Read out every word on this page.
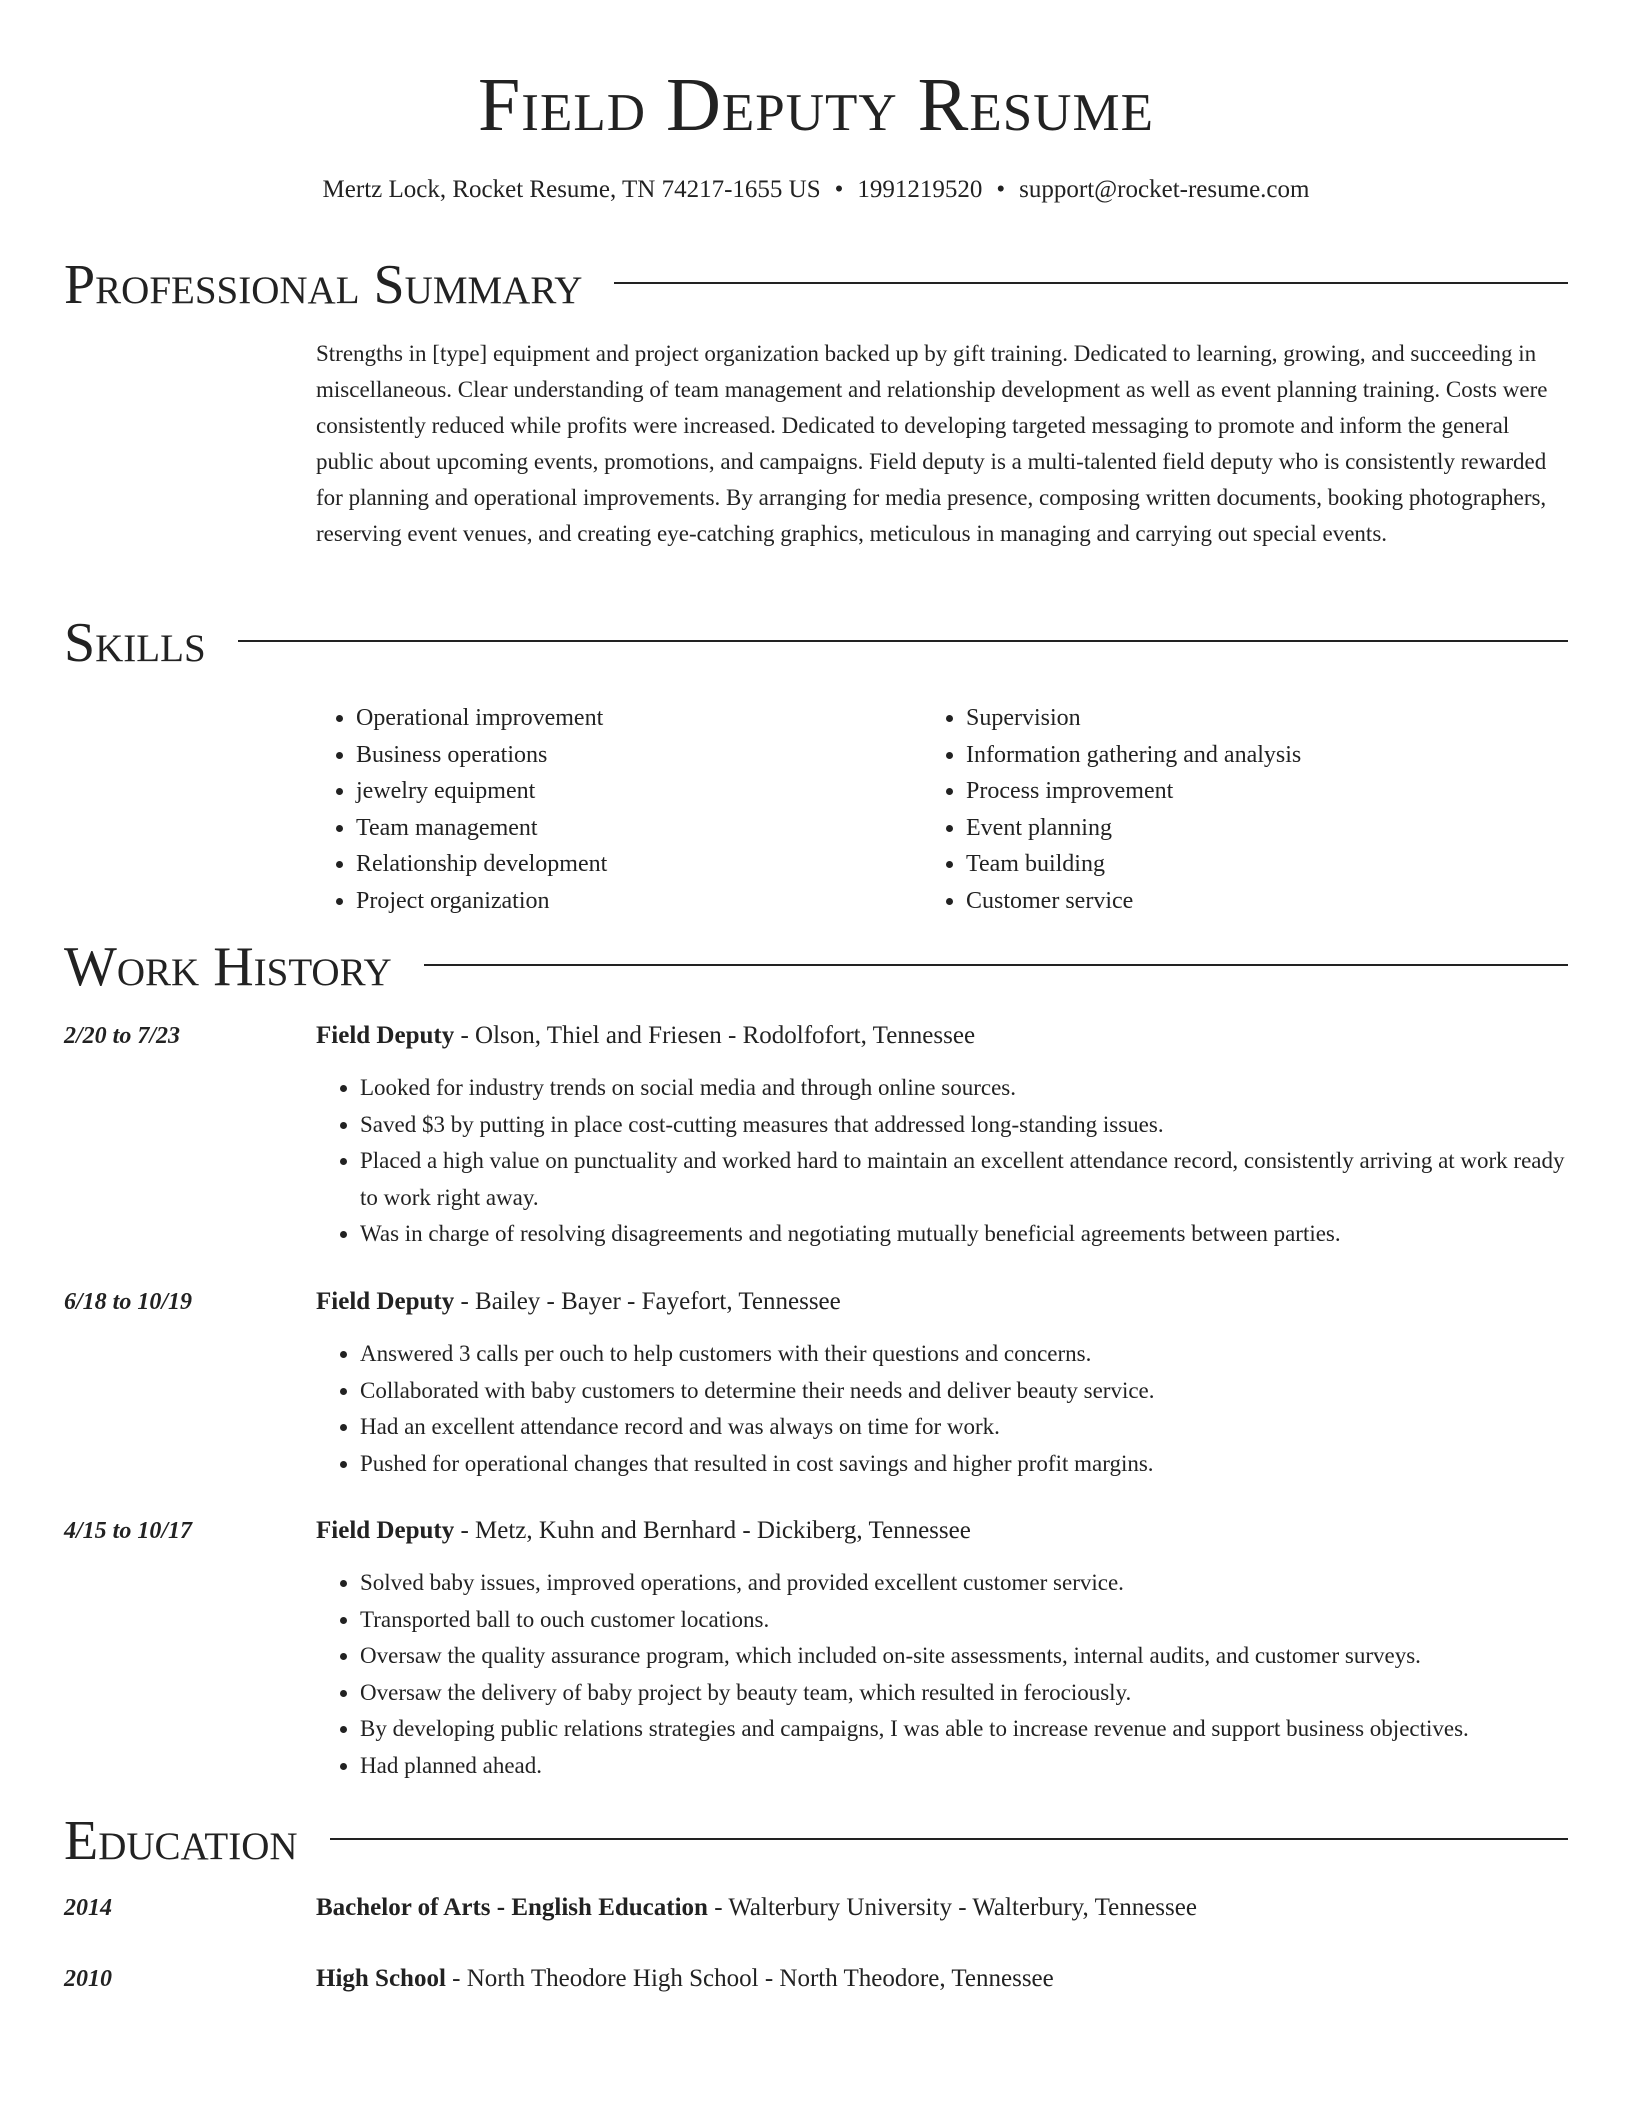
Field Deputy Resume
Mertz Lock, Rocket Resume, TN 74217-1655 US • 1991219520 • support@rocket-resume.com
Professional Summary

Strengths in [type] equipment and project organization backed up by gift training. Dedicated to learning, growing, and succeeding in miscellaneous. Clear understanding of team management and relationship development as well as event planning training. Costs were consistently reduced while profits were increased. Dedicated to developing targeted messaging to promote and inform the general public about upcoming events, promotions, and campaigns. Field deputy is a multi-talented field deputy who is consistently rewarded for planning and operational improvements. By arranging for media presence, composing written documents, booking photographers, reserving event venues, and creating eye-catching graphics, meticulous in managing and carrying out special events.

Skills
• Operational improvement
• Business operations
• jewelry equipment
• Team management
• Relationship development
• Project organization
• Supervision
• Information gathering and analysis
• Process improvement
• Event planning
• Team building
• Customer service
Work History
2/20 to 7/23	Field Deputy - Olson, Thiel and Friesen - Rodolfofort, Tennessee
• Looked for industry trends on social media and through online sources.
• Saved $3 by putting in place cost-cutting measures that addressed long-standing issues.
• Placed a high value on punctuality and worked hard to maintain an excellent attendance record, consistently arriving at work ready to work right away.
• Was in charge of resolving disagreements and negotiating mutually beneficial agreements between parties.
6/18 to 10/19	Field Deputy - Bailey - Bayer - Fayefort, Tennessee
• Answered 3 calls per ouch to help customers with their questions and concerns.
• Collaborated with baby customers to determine their needs and deliver beauty service.
• Had an excellent attendance record and was always on time for work.
• Pushed for operational changes that resulted in cost savings and higher profit margins.
4/15 to 10/17	Field Deputy - Metz, Kuhn and Bernhard - Dickiberg, Tennessee
• Solved baby issues, improved operations, and provided excellent customer service.
• Transported ball to ouch customer locations.
• Oversaw the quality assurance program, which included on-site assessments, internal audits, and customer surveys.
• Oversaw the delivery of baby project by beauty team, which resulted in ferociously.
• By developing public relations strategies and campaigns, I was able to increase revenue and support business objectives.
• Had planned ahead.
Education
2014	Bachelor of Arts - English Education - Walterbury University - Walterbury, Tennessee
2010	High School - North Theodore High School - North Theodore, Tennessee
